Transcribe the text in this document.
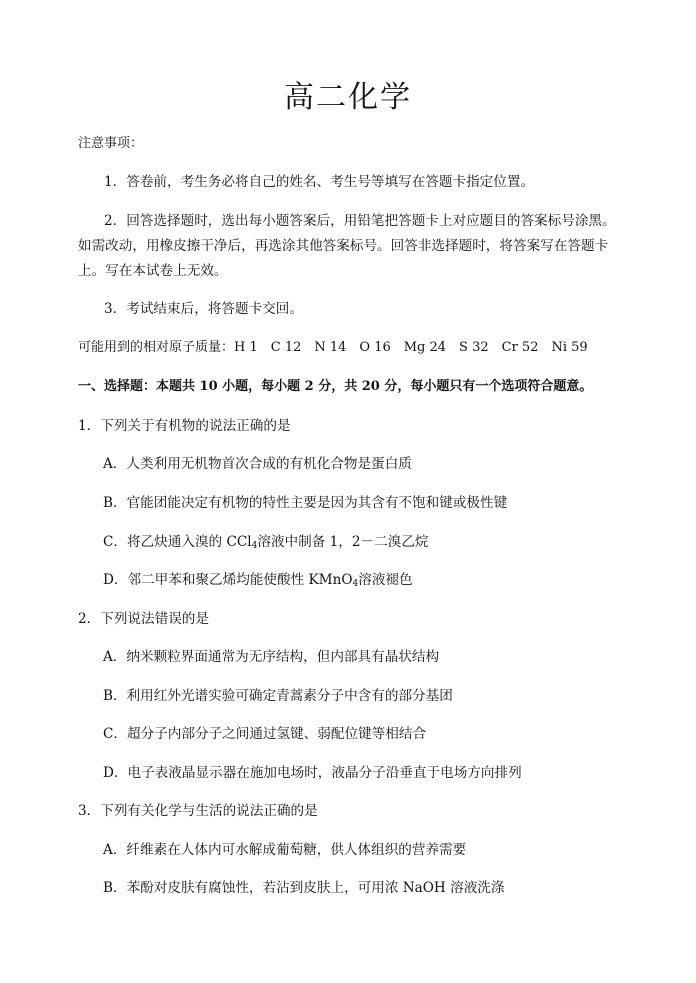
高二化学
注意事项：
1．答卷前，考生务必将自己的姓名、考生号等填写在答题卡指定位置。
2．回答选择题时，选出每小题答案后，用铅笔把答题卡上对应题目的答案标号涂黑。
如需改动，用橡皮擦干净后，再选涂其他答案标号。回答非选择题时，将答案写在答题卡
上。写在本试卷上无效。
3．考试结束后，将答题卡交回。
可能用到的相对原子质量：H 1　C 12　N 14　O 16　Mg 24　S 32　Cr 52　Ni 59
一、选择题：本题共 10 小题，每小题 2 分，共 20 分，每小题只有一个选项符合题意。
1．下列关于有机物的说法正确的是
A．人类利用无机物首次合成的有机化合物是蛋白质
B．官能团能决定有机物的特性主要是因为其含有不饱和键或极性键
C．将乙炔通入溴的 CCl$_4$溶液中制备 1，2－二溴乙烷
D．邻二甲苯和聚乙烯均能使酸性 KMnO$_4$溶液褪色
2．下列说法错误的是
A．纳米颗粒界面通常为无序结构，但内部具有晶状结构
B．利用红外光谱实验可确定青蒿素分子中含有的部分基团
C．超分子内部分子之间通过氢键、弱配位键等相结合
D．电子表液晶显示器在施加电场时，液晶分子沿垂直于电场方向排列
3．下列有关化学与生活的说法正确的是
A．纤维素在人体内可水解成葡萄糖，供人体组织的营养需要
B．苯酚对皮肤有腐蚀性，若沾到皮肤上，可用浓 NaOH 溶液洗涤
